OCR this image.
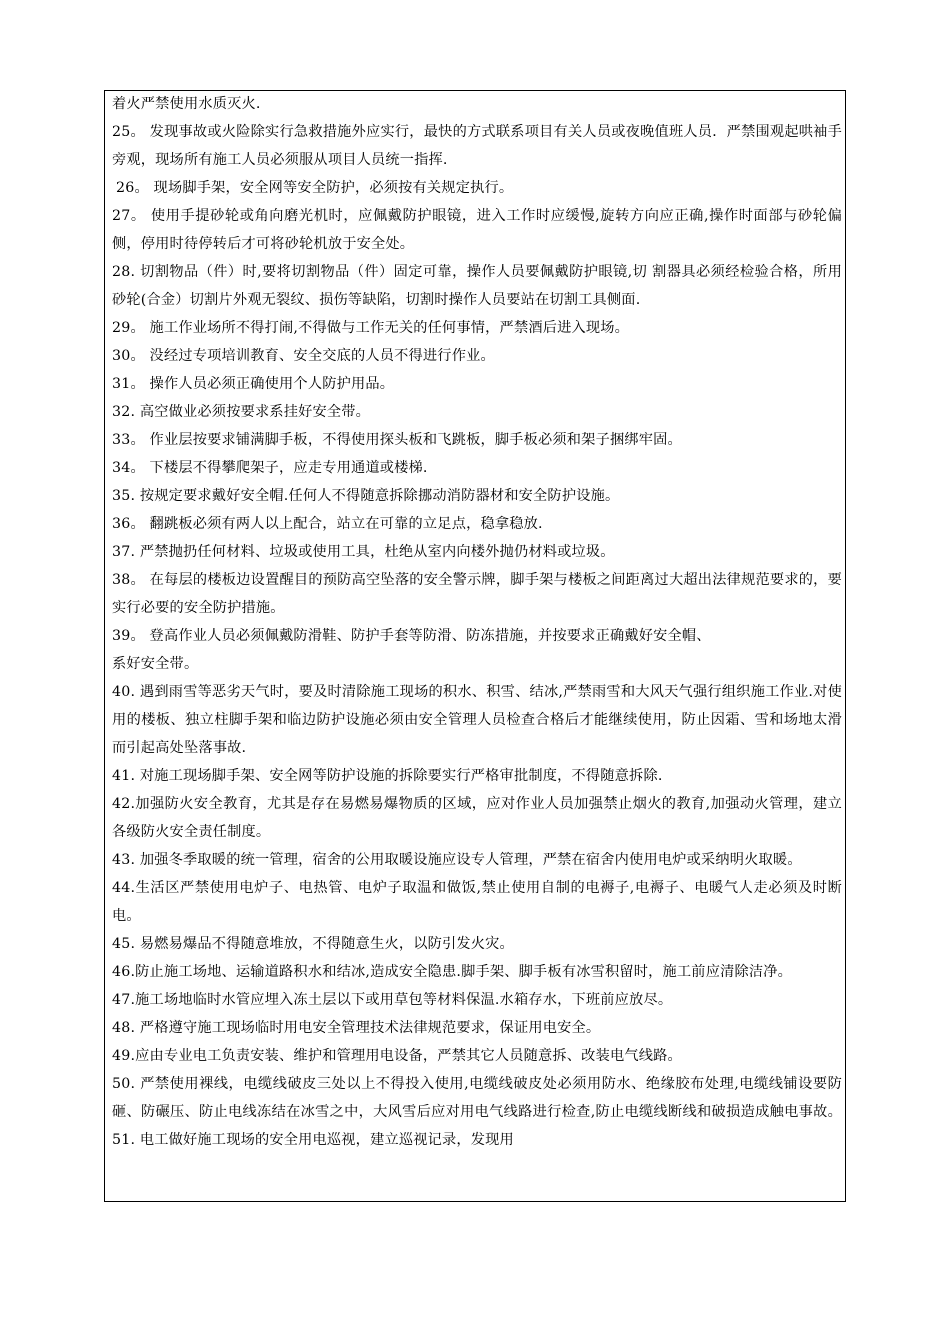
着火严禁使用水质灭火.

25。 发现事故或火险除实行急救措施外应实行，最快的方式联系项目有关人员或夜晚值班人员．严禁围观起哄袖手旁观，现场所有施工人员必须服从项目人员统一指挥.

26。 现场脚手架，安全网等安全防护，必须按有关规定执行。

27。 使用手提砂轮或角向磨光机时，应佩戴防护眼镜，进入工作时应缓慢,旋转方向应正确,操作时面部与砂轮偏侧，停用时待停转后才可将砂轮机放于安全处。

28. 切割物品（件）时,要将切割物品（件）固定可靠，操作人员要佩戴防护眼镜,切 割器具必须经检验合格，所用砂轮(合金）切割片外观无裂纹、损伤等缺陷，切割时操作人员要站在切割工具侧面.

29。 施工作业场所不得打闹,不得做与工作无关的任何事情，严禁酒后进入现场。

30。 没经过专项培训教育、安全交底的人员不得进行作业。

31。 操作人员必须正确使用个人防护用品。

32. 高空做业必须按要求系挂好安全带。

33。 作业层按要求铺满脚手板，不得使用探头板和飞跳板，脚手板必须和架子捆绑牢固。

34。 下楼层不得攀爬架子，应走专用通道或楼梯.

35. 按规定要求戴好安全帽.任何人不得随意拆除挪动消防器材和安全防护设施。

36。 翻跳板必须有两人以上配合，站立在可靠的立足点，稳拿稳放.

37. 严禁抛扔任何材料、垃圾或使用工具，杜绝从室内向楼外抛仍材料或垃圾。

38。 在每层的楼板边设置醒目的预防高空坠落的安全警示牌，脚手架与楼板之间距离过大超出法律规范要求的，要实行必要的安全防护措施。

39。 登高作业人员必须佩戴防滑鞋、防护手套等防滑、防冻措施，并按要求正确戴好安全帽、

系好安全带。

40. 遇到雨雪等恶劣天气时，要及时清除施工现场的积水、积雪、结冰,严禁雨雪和大风天气强行组织施工作业.对使用的楼板、独立柱脚手架和临边防护设施必须由安全管理人员检查合格后才能继续使用，防止因霜、雪和场地太滑而引起高处坠落事故.

41. 对施工现场脚手架、安全网等防护设施的拆除要实行严格审批制度，不得随意拆除.

42.加强防火安全教育，尤其是存在易燃易爆物质的区域，应对作业人员加强禁止烟火的教育,加强动火管理，建立各级防火安全责任制度。

43. 加强冬季取暖的统一管理，宿舍的公用取暖设施应设专人管理，严禁在宿舍内使用电炉或采纳明火取暖。

44.生活区严禁使用电炉子、电热管、电炉子取温和做饭,禁止使用自制的电褥子,电褥子、电暖气人走必须及时断电。

45. 易燃易爆品不得随意堆放，不得随意生火，以防引发火灾。

46.防止施工场地、运输道路积水和结冰,造成安全隐患.脚手架、脚手板有冰雪积留时，施工前应清除洁净。

47.施工场地临时水管应埋入冻土层以下或用草包等材料保温.水箱存水，下班前应放尽。

48. 严格遵守施工现场临时用电安全管理技术法律规范要求，保证用电安全。

49.应由专业电工负责安装、维护和管理用电设备，严禁其它人员随意拆、改装电气线路。

50. 严禁使用裸线，电缆线破皮三处以上不得投入使用,电缆线破皮处必须用防水、绝缘胶布处理,电缆线铺设要防砸、防碾压、防止电线冻结在冰雪之中，大风雪后应对用电气线路进行检查,防止电缆线断线和破损造成触电事故。 51. 电工做好施工现场的安全用电巡视，建立巡视记录，发现用
